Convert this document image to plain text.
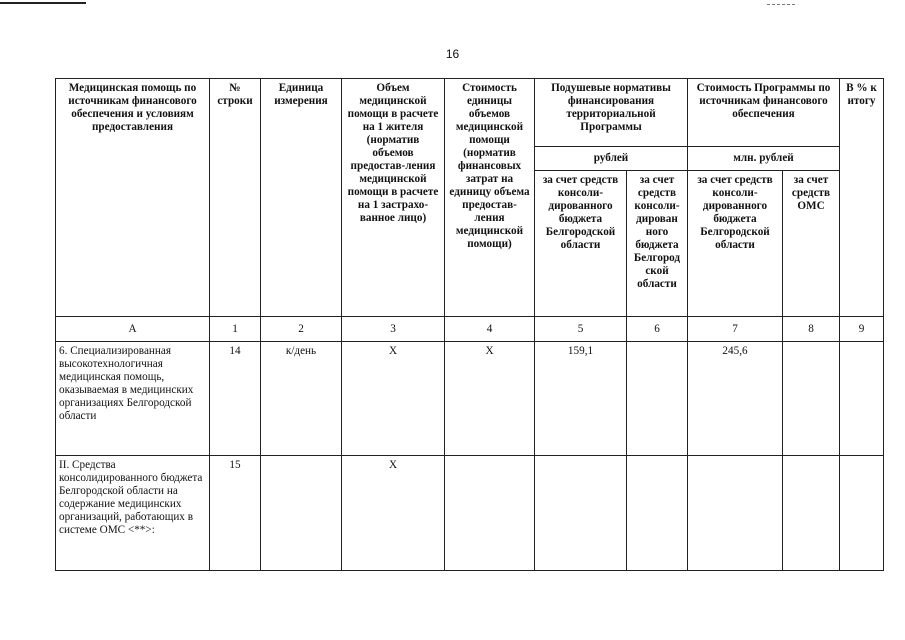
16
Медицинская помощь по источникам финансового обеспечения и условиям предоставления	№ строки	Единица измерения	Объем медицинской помощи в расчете на 1 жителя (норматив объемов предостав-ления медицинской помощи в расчете на 1 застрахо-ванное лицо)	Стоимость единицы объемов медицинской помощи (норматив финансовых затрат на единицу объема предостав-ления медицинской помощи)	Подушевые нормативы финансирования территориальной Программы		Стоимость Программы по источникам финансового обеспечения		В % к итогу
					рублей		млн. рублей		
					за счет средств консоли-дированного бюджета Белгородской области	за счет средств консоли-дирован ного бюджета Белгород ской области	за счет средств консоли-дированного бюджета Белгородской области	за счет средств ОМС	
А	1	2	3	4	5	6	7	8	9
6. Специализированная высокотехнологичная медицинская помощь, оказываемая в медицинских организациях Белгородской области	14	к/день	Х	Х	159,1		245,6		
II. Средства консолидированного бюджета Белгородской области на содержание медицинских организаций, работающих в системе ОМС <**>:	15		Х						
